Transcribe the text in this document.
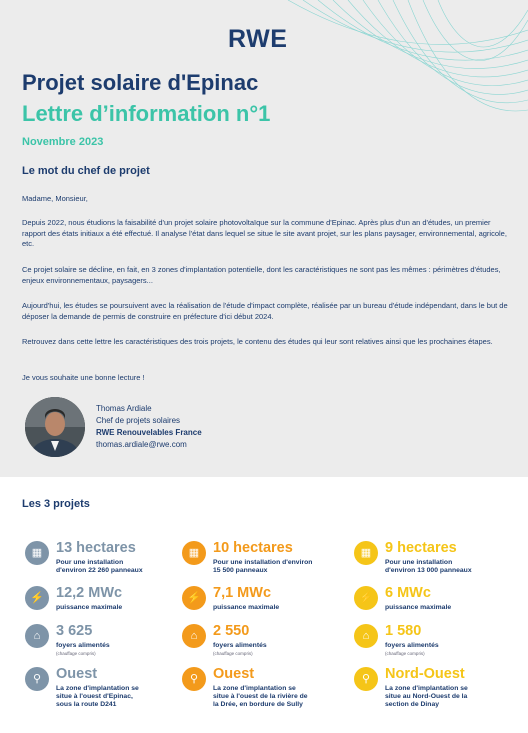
RWE
Projet solaire d'Epinac
Lettre d’information n°1
Novembre 2023
Le mot du chef de projet
Madame, Monsieur,
Depuis 2022, nous étudions la faisabilité d'un projet solaire photovoltaïque sur la commune d'Epinac. Après plus d'un an d'études, un premier rapport des états initiaux a été effectué. Il analyse l'état dans lequel se situe le site avant projet, sur les plans paysager, environnemental, agricole, etc.
Ce projet solaire se décline, en fait, en 3 zones d'implantation potentielle, dont les caractéristiques ne sont pas les mêmes : périmètres d'études, enjeux environnementaux, paysagers...
Aujourd'hui, les études se poursuivent avec la réalisation de l'étude d'impact complète, réalisée par un bureau d'étude indépendant, dans le but de déposer la demande de permis de construire en préfecture d'ici début 2024.
Retrouvez dans cette lettre les caractéristiques des trois projets, le contenu des études qui leur sont relatives ainsi que les prochaines étapes.
Je vous souhaite une bonne lecture !
Thomas Ardiale
Chef de projets solaires
RWE Renouvelables France
thomas.ardiale@rwe.com
Les 3 projets
▦ 13 hectares
Pour une installation
d'environ 22 260 panneaux
⚡ 12,2 MWc
puissance maximale
⌂	3 625
foyers alimentés
(chauffage compris)
⚲	Ouest
La zone d'implantation se
situe à l'ouest d'Epinac,
sous la route D241
▦ 10 hectares
Pour une installation d'environ
15 500 panneaux
⚡ 7,1 MWc
puissance maximale
⌂	2 550
foyers alimentés
(chauffage compris)
⚲	Ouest
La zone d'implantation se
situe à l'ouest de la rivière de
la Drée, en bordure de Sully
▦ 9 hectares
Pour une installation
d'environ 13 000 panneaux
⚡ 6 MWc
puissance maximale
⌂	1 580
foyers alimentés
(chauffage compris)
⚲	Nord-Ouest
La zone d'implantation se
situe au Nord-Ouest de la
section de Dinay
